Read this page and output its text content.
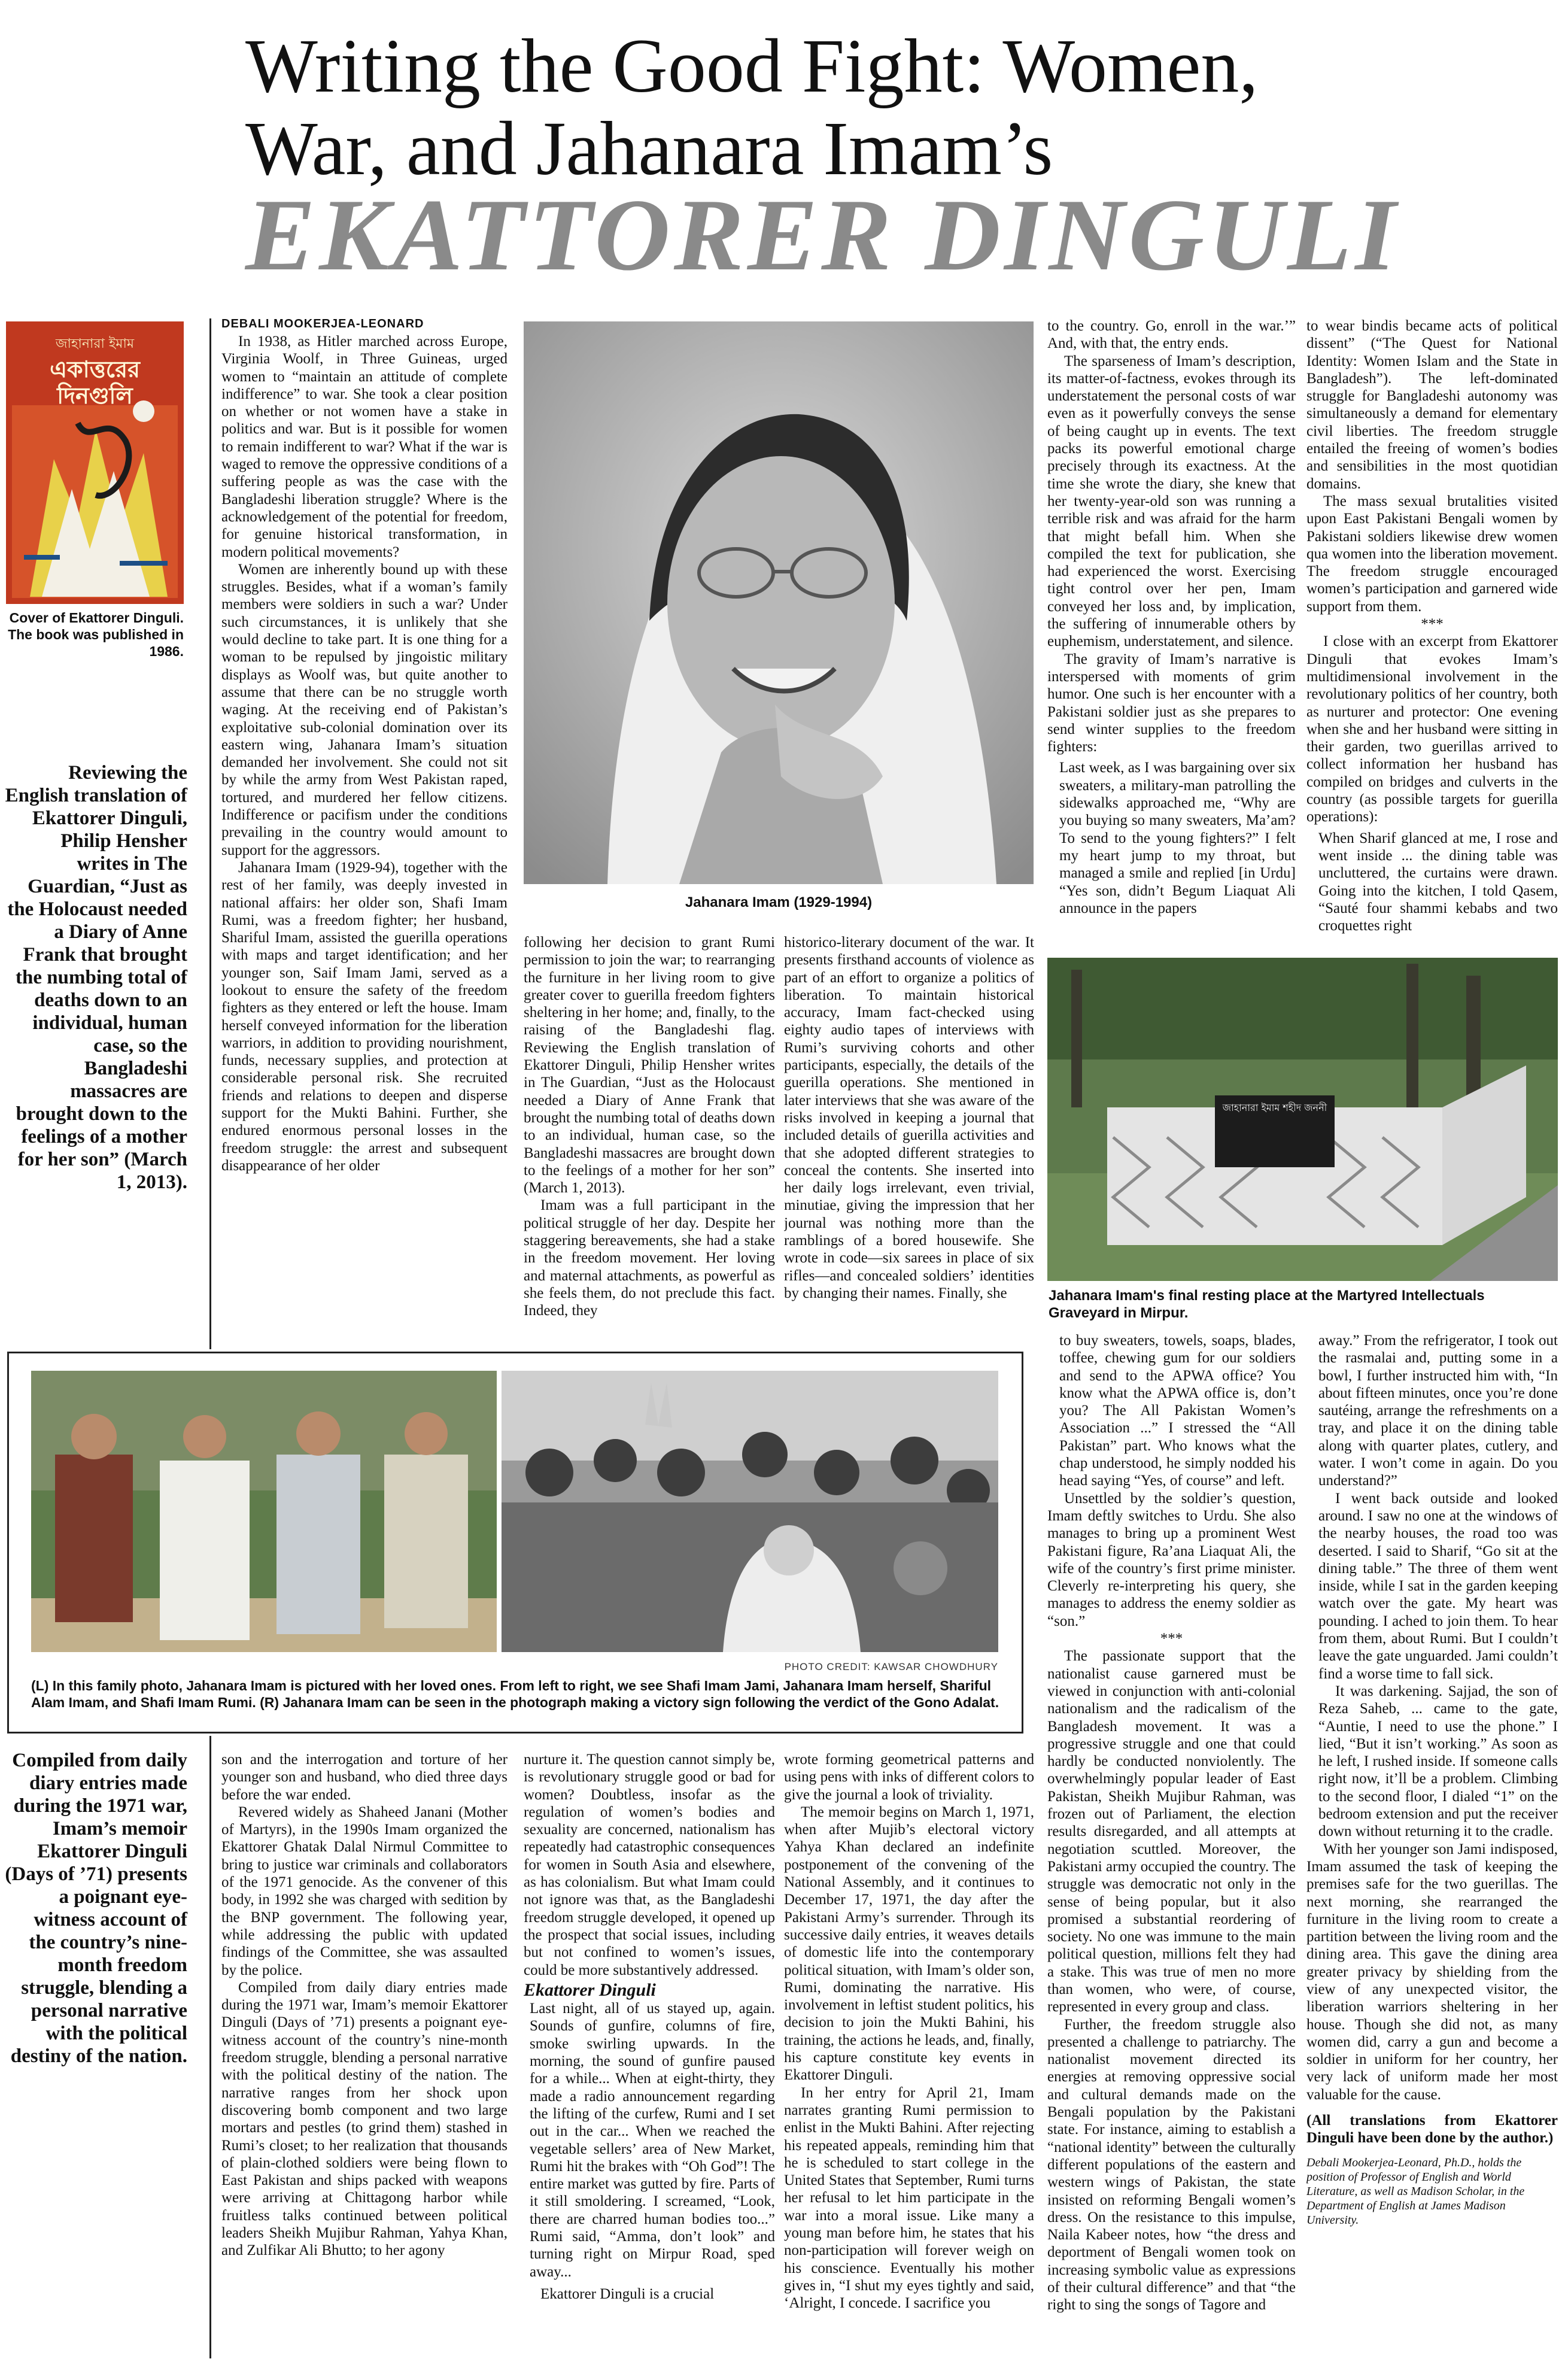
Writing the Good Fight: Women,
War, and Jahanara Imam’s
EKATTORER DINGULI
জাহানারা ইমাম
একাত্তরের দিনগুলি
Cover of Ekattorer Dinguli. The book was published in 1986.
Reviewing the English translation of Ekattorer Dinguli, Philip Hensher writes in The Guardian, “Just as the Holocaust needed a Diary of Anne Frank that brought the numbing total of deaths down to an individual, human case, so the Bangladeshi massacres are brought down to the feelings of a mother for her son” (March 1, 2013).
DEBALI MOOKERJEA-LEONARD

In 1938, as Hitler marched across Europe, Virginia Woolf, in Three Guineas, urged women to “maintain an attitude of complete indifference” to war. She took a clear position on whether or not women have a stake in politics and war. But is it possible for women to remain indifferent to war? What if the war is waged to remove the oppressive conditions of a suffering people as was the case with the Bangladeshi liberation struggle? Where is the acknowledgement of the potential for freedom, for genuine historical transformation, in modern political movements?

Women are inherently bound up with these struggles. Besides, what if a woman’s family members were soldiers in such a war? Under such circumstances, it is unlikely that she would decline to take part. It is one thing for a woman to be repulsed by jingoistic military displays as Woolf was, but quite another to assume that there can be no struggle worth waging. At the receiving end of Pakistan’s exploitative sub-colonial domination over its eastern wing, Jahanara Imam’s situation demanded her involvement. She could not sit by while the army from West Pakistan raped, tortured, and murdered her fellow citizens. Indifference or pacifism under the conditions prevailing in the country would amount to support for the aggressors.

Jahanara Imam (1929-94), together with the rest of her family, was deeply invested in national affairs: her older son, Shafi Imam Rumi, was a freedom fighter; her husband, Shariful Imam, assisted the guerilla operations with maps and target identification; and her younger son, Saif Imam Jami, served as a lookout to ensure the safety of the freedom fighters as they entered or left the house. Imam herself conveyed information for the liberation warriors, in addition to providing nourishment, funds, necessary supplies, and protection at considerable personal risk. She recruited friends and relations to deepen and disperse support for the Mukti Bahini. Further, she endured enormous personal losses in the freedom struggle: the arrest and subsequent disappearance of her older

Jahanara Imam (1929-1994)

following her decision to grant Rumi permission to join the war; to rearranging the furniture in her living room to give greater cover to guerilla freedom fighters sheltering in her home; and, finally, to the raising of the Bangladeshi flag. Reviewing the English translation of Ekattorer Dinguli, Philip Hensher writes in The Guardian, “Just as the Holocaust needed a Diary of Anne Frank that brought the numbing total of deaths down to an individual, human case, so the Bangladeshi massacres are brought down to the feelings of a mother for her son” (March 1, 2013).

Imam was a full participant in the political struggle of her day. Despite her staggering bereavements, she had a stake in the freedom movement. Her loving and maternal attachments, as powerful as she feels them, do not preclude this fact. Indeed, they

historico-literary document of the war. It presents firsthand accounts of violence as part of an effort to organize a politics of liberation. To maintain historical accuracy, Imam fact-checked using eighty audio tapes of interviews with Rumi’s surviving cohorts and other participants, especially, the details of the guerilla operations. She mentioned in later interviews that she was aware of the risks involved in keeping a journal that included details of guerilla activities and that she adopted different strategies to conceal the contents. She inserted into her daily logs irrelevant, even trivial, minutiae, giving the impression that her journal was nothing more than the ramblings of a bored housewife. She wrote in code—six sarees in place of six rifles—and concealed soldiers’ identities by changing their names. Finally, she

to the country. Go, enroll in the war.’” And, with that, the entry ends.

The sparseness of Imam’s description, its matter-of-factness, evokes through its understatement the personal costs of war even as it powerfully conveys the sense of being caught up in events. The text packs its powerful emotional charge precisely through its exactness. At the time she wrote the diary, she knew that her twenty-year-old son was running a terrible risk and was afraid for the harm that might befall him. When she compiled the text for publication, she had experienced the worst. Exercising tight control over her pen, Imam conveyed her loss and, by implication, the suffering of innumerable others by euphemism, understatement, and silence.

The gravity of Imam’s narrative is interspersed with moments of grim humor. One such is her encounter with a Pakistani soldier just as she prepares to send winter supplies to the freedom fighters:

Last week, as I was bargaining over six sweaters, a military-man patrolling the sidewalks approached me, “Why are you buying so many sweaters, Ma’am? To send to the young fighters?” I felt my heart jump to my throat, but managed a smile and replied [in Urdu] “Yes son, didn’t Begum Liaquat Ali announce in the papers

to wear bindis became acts of political dissent” (“The Quest for National Identity: Women Islam and the State in Bangladesh”). The left-dominated struggle for Bangladeshi autonomy was simultaneously a demand for elementary civil liberties. The freedom struggle entailed the freeing of women’s bodies and sensibilities in the most quotidian domains.

The mass sexual brutalities visited upon East Pakistani Bengali women by Pakistani soldiers likewise drew women qua women into the liberation movement. The freedom struggle encouraged women’s participation and garnered wide support from them.

***

I close with an excerpt from Ekattorer Dinguli that evokes Imam’s multidimensional involvement in the revolutionary politics of her country, both as nurturer and protector: One evening when she and her husband were sitting in their garden, two guerillas arrived to collect information her husband has compiled on bridges and culverts in the country (as possible targets for guerilla operations):

When Sharif glanced at me, I rose and went inside ... the dining table was uncluttered, the curtains were drawn. Going into the kitchen, I told Qasem, “Sauté four shammi kebabs and two croquettes right

জাহানারা ইমাম শহীদ জননী
Jahanara Imam's final resting place at the Martyred Intellectuals Graveyard in Mirpur.
PHOTO CREDIT: KAWSAR CHOWDHURY
(L) In this family photo, Jahanara Imam is pictured with her loved ones. From left to right, we see Shafi Imam Jami, Jahanara Imam herself, Shariful Alam Imam, and Shafi Imam Rumi. (R) Jahanara Imam can be seen in the photograph making a victory sign following the verdict of the Gono Adalat.
Compiled from daily diary entries made during the 1971 war, Imam’s memoir Ekattorer Dinguli (Days of ’71) presents a poignant eye-witness account of the country’s nine-month freedom struggle, blending a personal narrative with the political destiny of the nation.

son and the interrogation and torture of her younger son and husband, who died three days before the war ended.

Revered widely as Shaheed Janani (Mother of Martyrs), in the 1990s Imam organized the Ekattorer Ghatak Dalal Nirmul Committee to bring to justice war criminals and collaborators of the 1971 genocide. As the convener of this body, in 1992 she was charged with sedition by the BNP government. The following year, while addressing the public with updated findings of the Committee, she was assaulted by the police.

Compiled from daily diary entries made during the 1971 war, Imam’s memoir Ekattorer Dinguli (Days of ’71) presents a poignant eye-witness account of the country’s nine-month freedom struggle, blending a personal narrative with the political destiny of the nation. The narrative ranges from her shock upon discovering bomb component and two large mortars and pestles (to grind them) stashed in Rumi’s closet; to her realization that thousands of plain-clothed soldiers were being flown to East Pakistan and ships packed with weapons were arriving at Chittagong harbor while fruitless talks continued between political leaders Sheikh Mujibur Rahman, Yahya Khan, and Zulfikar Ali Bhutto; to her agony

nurture it. The question cannot simply be, is revolutionary struggle good or bad for women? Doubtless, insofar as the regulation of women’s bodies and sexuality are concerned, nationalism has repeatedly had catastrophic consequences for women in South Asia and elsewhere, as has colonialism. But what Imam could not ignore was that, as the Bangladeshi freedom struggle developed, it opened up the prospect that social issues, including but not confined to women’s issues, could be more substantively addressed.

Ekattorer Dinguli

Last night, all of us stayed up, again. Sounds of gunfire, columns of fire, smoke swirling upwards. In the morning, the sound of gunfire paused for a while... When at eight-thirty, they made a radio announcement regarding the lifting of the curfew, Rumi and I set out in the car... When we reached the vegetable sellers’ area of New Market, Rumi hit the brakes with “Oh God”! The entire market was gutted by fire. Parts of it still smoldering. I screamed, “Look, there are charred human bodies too...” Rumi said, “Amma, don’t look” and turning right on Mirpur Road, sped away...

Ekattorer Dinguli is a crucial

wrote forming geometrical patterns and using pens with inks of different colors to give the journal a look of triviality.

The memoir begins on March 1, 1971, when after Mujib’s electoral victory Yahya Khan declared an indefinite postponement of the convening of the National Assembly, and it continues to December 17, 1971, the day after the Pakistani Army’s surrender. Through its successive daily entries, it weaves details of domestic life into the contemporary political situation, with Imam’s older son, Rumi, dominating the narrative. His involvement in leftist student politics, his decision to join the Mukti Bahini, his training, the actions he leads, and, finally, his capture constitute key events in Ekattorer Dinguli.

In her entry for April 21, Imam narrates granting Rumi permission to enlist in the Mukti Bahini. After rejecting his repeated appeals, reminding him that he is scheduled to start college in the United States that September, Rumi turns her refusal to let him participate in the war into a moral issue. Like many a young man before him, he states that his non-participation will forever weigh on his conscience. Eventually his mother gives in, “I shut my eyes tightly and said, ‘Alright, I concede. I sacrifice you

to buy sweaters, towels, soaps, blades, toffee, chewing gum for our soldiers and send to the APWA office? You know what the APWA office is, don’t you? The All Pakistan Women’s Association ...” I stressed the “All Pakistan” part. Who knows what the chap understood, he simply nodded his head saying “Yes, of course” and left.

Unsettled by the soldier’s question, Imam deftly switches to Urdu. She also manages to bring up a prominent West Pakistani figure, Ra’ana Liaquat Ali, the wife of the country’s first prime minister. Cleverly re-interpreting his query, she manages to address the enemy soldier as “son.”

***

The passionate support that the nationalist cause garnered must be viewed in conjunction with anti-colonial nationalism and the radicalism of the Bangladesh movement. It was a progressive struggle and one that could hardly be conducted nonviolently. The overwhelmingly popular leader of East Pakistan, Sheikh Mujibur Rahman, was frozen out of Parliament, the election results disregarded, and all attempts at negotiation scuttled. Moreover, the Pakistani army occupied the country. The struggle was democratic not only in the sense of being popular, but it also promised a substantial reordering of society. No one was immune to the main political question, millions felt they had a stake. This was true of men no more than women, who were, of course, represented in every group and class.

Further, the freedom struggle also presented a challenge to patriarchy. The nationalist movement directed its energies at removing oppressive social and cultural demands made on the Bengali population by the Pakistani state. For instance, aiming to establish a “national identity” between the culturally different populations of the eastern and western wings of Pakistan, the state insisted on reforming Bengali women’s dress. On the resistance to this impulse, Naila Kabeer notes, how “the dress and deportment of Bengali women took on increasing symbolic value as expressions of their cultural difference” and that “the right to sing the songs of Tagore and

away.” From the refrigerator, I took out the rasmalai and, putting some in a bowl, I further instructed him with, “In about fifteen minutes, once you’re done sautéing, arrange the refreshments on a tray, and place it on the dining table along with quarter plates, cutlery, and water. I won’t come in again. Do you understand?”

I went back outside and looked around. I saw no one at the windows of the nearby houses, the road too was deserted. I said to Sharif, “Go sit at the dining table.” The three of them went inside, while I sat in the garden keeping watch over the gate. My heart was pounding. I ached to join them. To hear from them, about Rumi. But I couldn’t leave the gate unguarded. Jami couldn’t find a worse time to fall sick.

It was darkening. Sajjad, the son of Reza Saheb, ... came to the gate, “Auntie, I need to use the phone.” I lied, “But it isn’t working.” As soon as he left, I rushed inside. If someone calls right now, it’ll be a problem. Climbing to the second floor, I dialed “1” on the bedroom extension and put the receiver down without returning it to the cradle.

With her younger son Jami indisposed, Imam assumed the task of keeping the premises safe for the two guerillas. The next morning, she rearranged the furniture in the living room to create a partition between the living room and the dining area. This gave the dining area greater privacy by shielding from the view of any unexpected visitor, the liberation warriors sheltering in her house. Though she did not, as many women did, carry a gun and become a soldier in uniform for her country, her very lack of uniform made her most valuable for the cause.

(All translations from Ekattorer Dinguli have been done by the author.)

Debali Mookerjea-Leonard, Ph.D., holds the position of Professor of English and World Literature, as well as Madison Scholar, in the Department of English at James Madison University.
